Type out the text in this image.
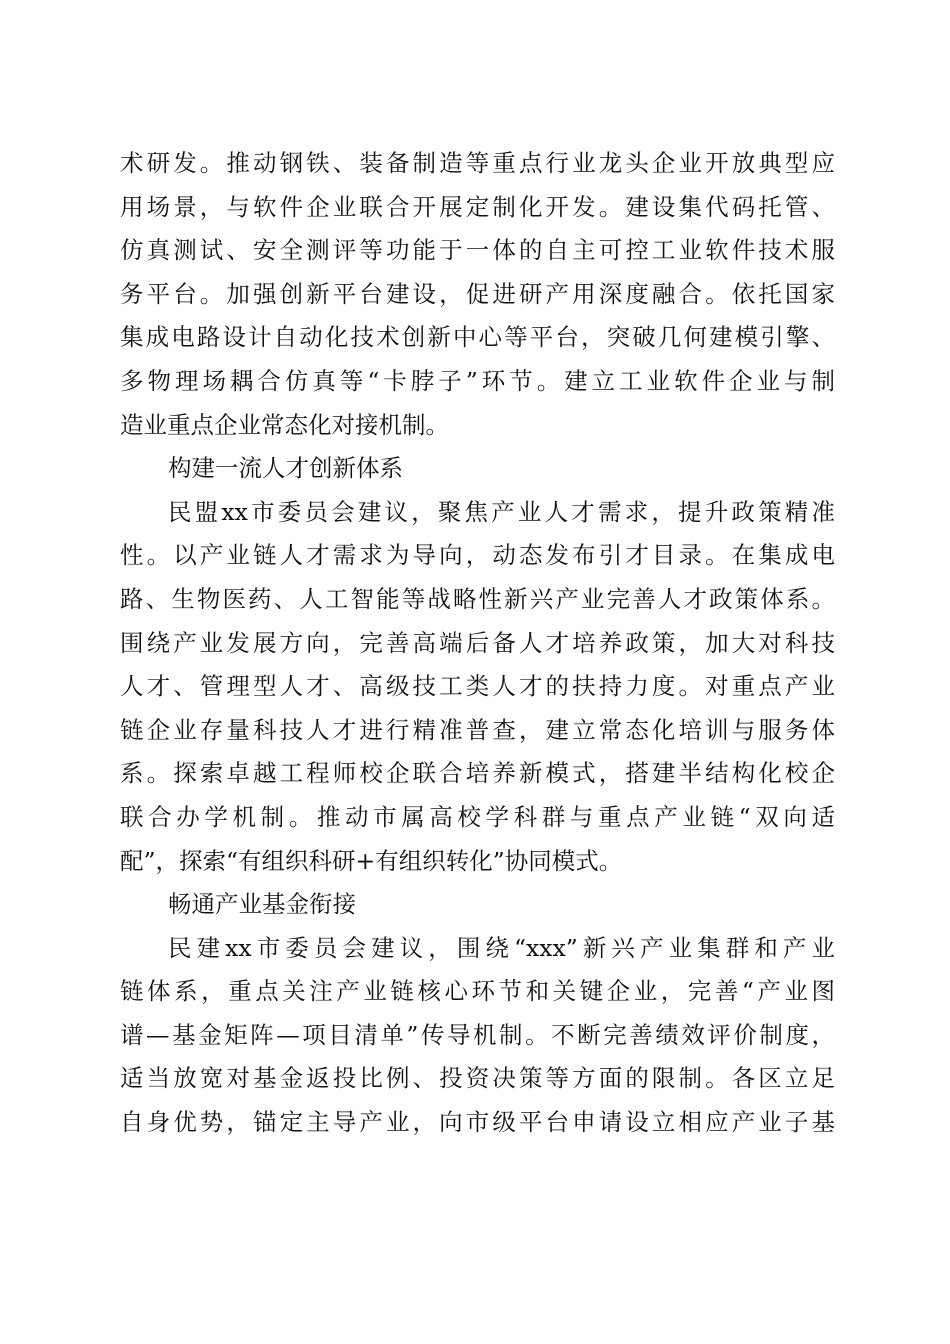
术研发。推动钢铁、装备制造等重点行业龙头企业开放典型应
用场景，与软件企业联合开展定制化开发。建设集代码托管、
仿真测试、安全测评等功能于一体的自主可控工业软件技术服
务平台。加强创新平台建设，促进研产用深度融合。依托国家
集成电路设计自动化技术创新中心等平台，突破几何建模引擎、
多物理场耦合仿真等“卡脖子”环节。建立工业软件企业与制
造业重点企业常态化对接机制。
构建一流人才创新体系
民盟xx市委员会建议，聚焦产业人才需求，提升政策精准
性。以产业链人才需求为导向，动态发布引才目录。在集成电
路、生物医药、人工智能等战略性新兴产业完善人才政策体系。
围绕产业发展方向，完善高端后备人才培养政策，加大对科技
人才、管理型人才、高级技工类人才的扶持力度。对重点产业
链企业存量科技人才进行精准普查，建立常态化培训与服务体
系。探索卓越工程师校企联合培养新模式，搭建半结构化校企
联合办学机制。推动市属高校学科群与重点产业链“双向适
配”，探索“有组织科研+有组织转化”协同模式。
畅通产业基金衔接
民建xx市委员会建议，围绕“xxx”新兴产业集群和产业
链体系，重点关注产业链核心环节和关键企业，完善“产业图
谱—基金矩阵—项目清单”传导机制。不断完善绩效评价制度，
适当放宽对基金返投比例、投资决策等方面的限制。各区立足
自身优势，锚定主导产业，向市级平台申请设立相应产业子基
